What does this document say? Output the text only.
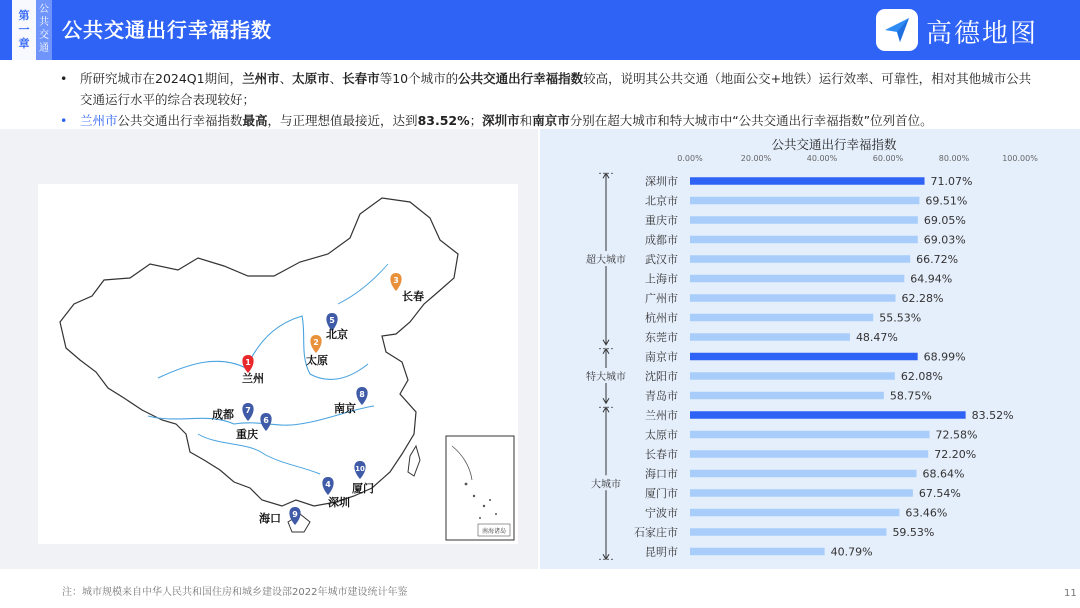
第
一
章
公
共
交
通
公共交通出行幸福指数	高德地图
• 所研究城市在2024Q1期间，兰州市、太原市、长春市等10个城市的公共交通出行幸福指数较高，说明其公共交通（地面公交+地铁）运行效率、可靠性，相对其他城市公共交通运行水平的综合表现较好；
• 兰州市公共交通出行幸福指数最高，与正理想值最接近，达到83.52%；深圳市和南京市分别在超大城市和特大城市中“公共交通出行幸福指数”位列首位。
南海诸岛
1
兰州
2
太原
3
长春
4
深圳
5
北京
6
重庆
7
成都
8
南京
9
海口
10
厦门
公共交通出行幸福指数
0.00%	20.00%	40.00%	60.00%	80.00%	100.00%
深圳市	71.07%
北京市	69.51%
重庆市	69.05%
成都市	69.03%
武汉市	66.72%
上海市	64.94%
广州市	62.28%
杭州市	55.53%
东莞市	48.47%
南京市	68.99%
沈阳市	62.08%
青岛市	58.75%
兰州市	83.52%
太原市	72.58%
长春市	72.20%
海口市	68.64%
厦门市	67.54%
宁波市	63.46%
石家庄市	59.53%
昆明市	40.79%
超大城市
特大城市
大城市
注：城市规模来自中华人民共和国住房和城乡建设部2022年城市建设统计年鉴	11
